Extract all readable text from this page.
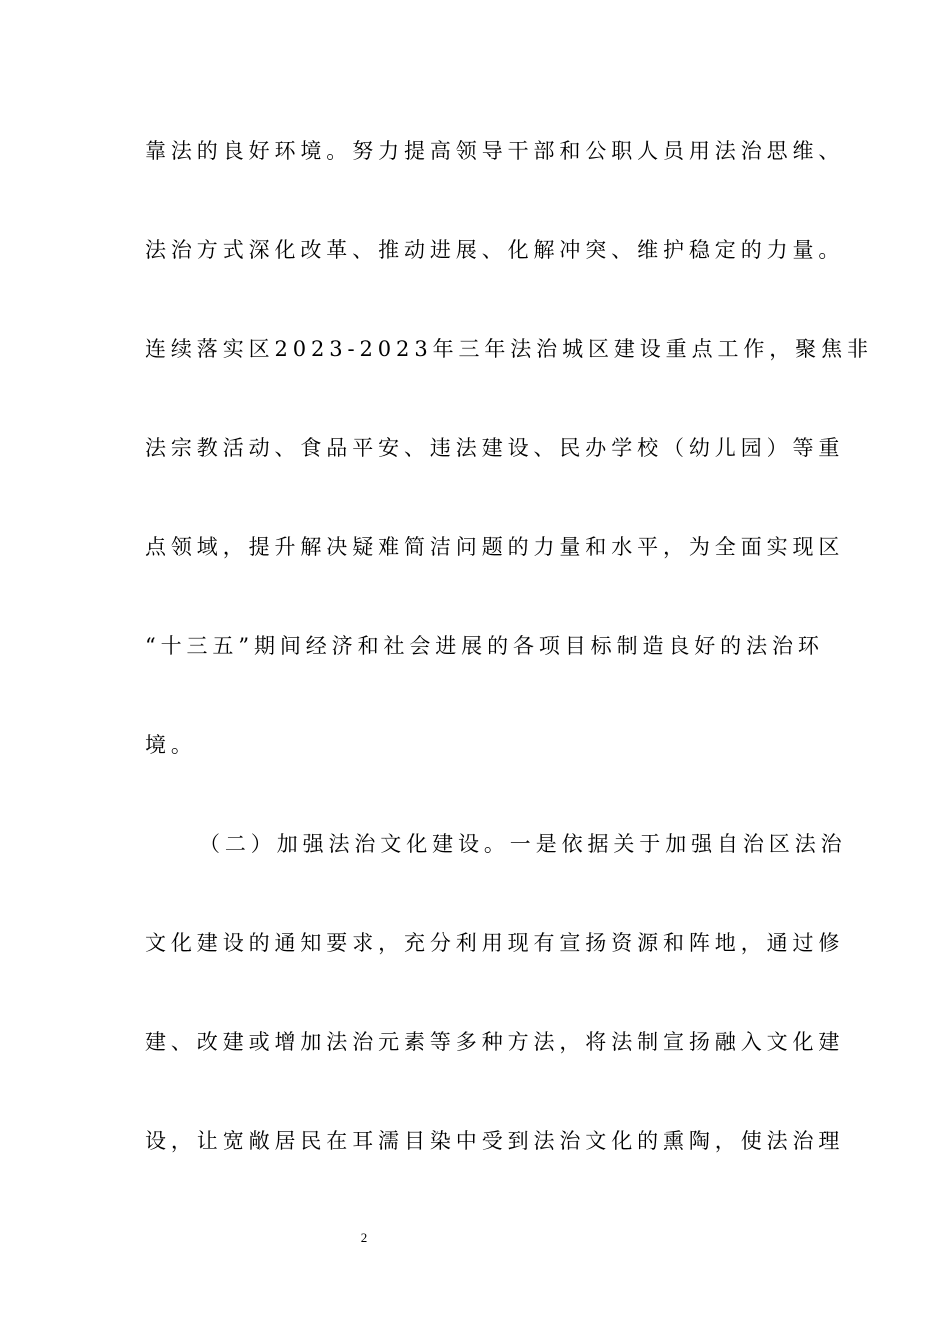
靠法的良好环境。努力提高领导干部和公职人员用法治思维、
法治方式深化改革、推动进展、化解冲突、维护稳定的力量。
连续落实区2023-2023年三年法治城区建设重点工作，聚焦非
法宗教活动、食品平安、违法建设、民办学校（幼儿园）等重
点领域，提升解决疑难简洁问题的力量和水平，为全面实现区
“十三五”期间经济和社会进展的各项目标制造良好的法治环
境。
（二）加强法治文化建设。一是依据关于加强自治区法治
文化建设的通知要求，充分利用现有宣扬资源和阵地，通过修
建、改建或增加法治元素等多种方法，将法制宣扬融入文化建
设，让宽敞居民在耳濡目染中受到法治文化的熏陶，使法治理
2
